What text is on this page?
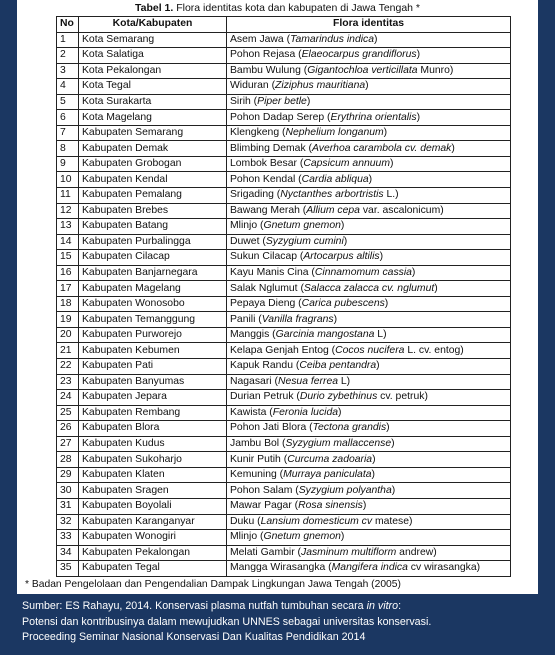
Tabel 1. Flora identitas kota dan kabupaten di Jawa Tengah *
No	Kota/Kabupaten	Flora identitas
1	Kota Semarang	Asem Jawa (Tamarindus indica)
2	Kota Salatiga	Pohon Rejasa (Elaeocarpus grandiflorus)
3	Kota Pekalongan	Bambu Wulung (Gigantochloa verticillata Munro)
4	Kota Tegal	Widuran (Ziziphus mauritiana)
5	Kota Surakarta	Sirih (Piper betle)
6	Kota Magelang	Pohon Dadap Serep (Erythrina orientalis)
7	Kabupaten Semarang	Klengkeng (Nephelium longanum)
8	Kabupaten Demak	Blimbing Demak (Averhoa carambola cv. demak)
9	Kabupaten Grobogan	Lombok Besar (Capsicum annuum)
10	Kabupaten Kendal	Pohon Kendal (Cardia abliqua)
11	Kabupaten Pemalang	Srigading (Nyctanthes arbortristis L.)
12	Kabupaten Brebes	Bawang Merah (Allium cepa var. ascalonicum)
13	Kabupaten Batang	Mlinjo (Gnetum gnemon)
14	Kabupaten Purbalingga	Duwet (Syzygium cumini)
15	Kabupaten Cilacap	Sukun Cilacap (Artocarpus altilis)
16	Kabupaten Banjarnegara	Kayu Manis Cina (Cinnamomum cassia)
17	Kabupaten Magelang	Salak Nglumut (Salacca zalacca cv. nglumut)
18	Kabupaten Wonosobo	Pepaya Dieng (Carica pubescens)
19	Kabupaten Temanggung	Panili (Vanilla fragrans)
20	Kabupaten Purworejo	Manggis (Garcinia mangostana L)
21	Kabupaten Kebumen	Kelapa Genjah Entog (Cocos nucifera L. cv. entog)
22	Kabupaten Pati	Kapuk Randu (Ceiba pentandra)
23	Kabupaten Banyumas	Nagasari (Nesua ferrea L)
24	Kabupaten Jepara	Durian Petruk (Durio zybethinus cv. petruk)
25	Kabupaten Rembang	Kawista (Feronia lucida)
26	Kabupaten Blora	Pohon Jati Blora (Tectona grandis)
27	Kabupaten Kudus	Jambu Bol (Syzygium mallaccense)
28	Kabupaten Sukoharjo	Kunir Putih (Curcuma zadoaria)
29	Kabupaten Klaten	Kemuning (Murraya paniculata)
30	Kabupaten Sragen	Pohon Salam (Syzygium polyantha)
31	Kabupaten Boyolali	Mawar Pagar (Rosa sinensis)
32	Kabupaten Karanganyar	Duku (Lansium domesticum cv matese)
33	Kabupaten Wonogiri	Mlinjo (Gnetum gnemon)
34	Kabupaten Pekalongan	Melati Gambir (Jasminum multiflorm andrew)
35	Kabupaten Tegal	Mangga Wirasangka (Mangifera indica cv wirasangka)
* Badan Pengelolaan dan Pengendalian Dampak Lingkungan Jawa Tengah (2005)
Sumber: ES Rahayu, 2014. Konservasi plasma nutfah tumbuhan secara in vitro:
Potensi dan kontribusinya dalam mewujudkan UNNES sebagai universitas konservasi.
Proceeding Seminar Nasional Konservasi Dan Kualitas Pendidikan 2014
